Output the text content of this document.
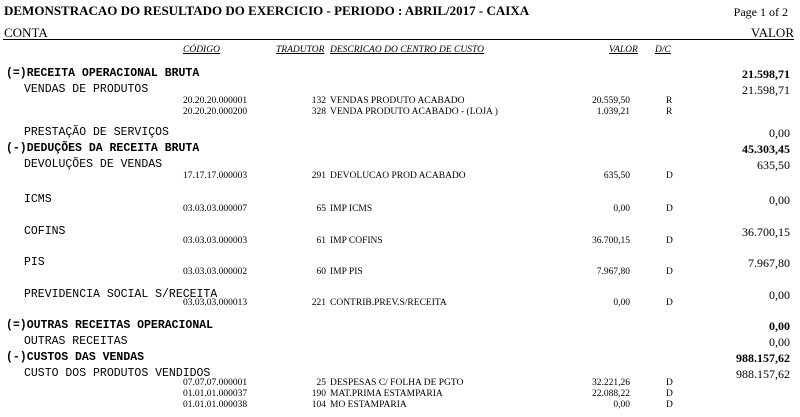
DEMONSTRACAO DO RESULTADO DO EXERCICIO - PERIODO : ABRIL/2017 - CAIXA	Page 1 of 2
CONTA	VALOR
CÓDIGO	TRADUTOR DESCRICAO DO CENTRO DE CUSTO	VALOR D/C
(=)RECEITA OPERACIONAL BRUTA	21.598,71
VENDAS DE PRODUTOS	21.598,71
20.20.20.000001	132 VENDAS PRODUTO ACABADO	20.559,50	R
20.20.20.000200	328 VENDA PRODUTO ACABADO - (LOJA )	1.039,21	R
PRESTAÇÃO DE SERVIÇOS	0,00
(-)DEDUÇÕES DA RECEITA BRUTA	45.303,45
DEVOLUÇÕES DE VENDAS	635,50
17.17.17.000003	291 DEVOLUCAO PROD ACABADO	635,50	D
ICMS	0,00
03.03.03.000007	65 IMP ICMS	0,00	D
COFINS	36.700,15
03.03.03.000003	61 IMP COFINS	36.700,15	D
PIS	7.967,80
03.03.03.000002	60 IMP PIS	7.967,80	D
PREVIDENCIA SOCIAL S/RECEITA	0,00
03.03.03.000013	221 CONTRIB.PREV.S/RECEITA	0,00	D
(=)OUTRAS RECEITAS OPERACIONAL	0,00
OUTRAS RECEITAS	0,00
(-)CUSTOS DAS VENDAS	988.157,62
CUSTO DOS PRODUTOS VENDIDOS	988.157,62
07.07.07.000001	25 DESPESAS C/ FOLHA DE PGTO	32.221,26	D
01.01.01.000037	190 MAT.PRIMA ESTAMPARIA	22.088,22	D
01.01.01.000038	104 MO ESTAMPARIA	0,00	D
